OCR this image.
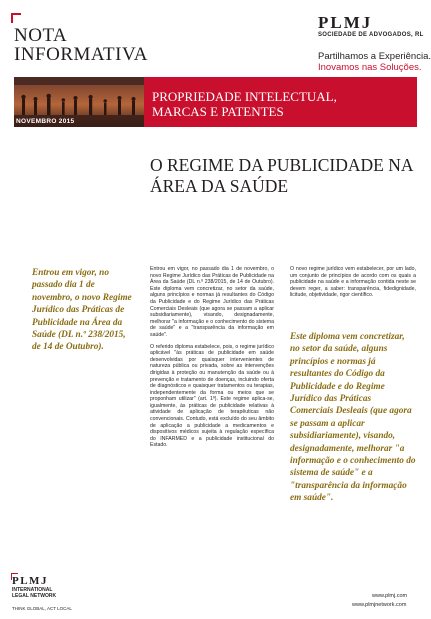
NOTA
INFORMATIVA
PLMJ
SOCIEDADE DE ADVOGADOS, RL
Partilhamos a Experiência.
Inovamos nas Soluções.
NOVEMBRO 2015
PROPRIEDADE INTELECTUAL,
MARCAS E PATENTES
O REGIME DA PUBLICIDADE NA
ÁREA DA SAÚDE
Entrou em vigor, no passado dia 1 de novembro, o novo Regime Jurídico das Práticas de Publicidade na Área da Saúde (DL n.º 238/2015, de 14 de Outubro).

Entrou em vigor, no passado dia 1 de novembro, o novo Regime Jurídico das Práticas de Publicidade na Área da Saúde (DL n.º 238/2015, de 14 de Outubro). Este diploma vem concretizar, no setor da saúde, alguns princípios e normas já resultantes do Código da Publicidade e do Regime Jurídico das Práticas Comerciais Desleais (que agora se passam a aplicar subsidiariamente), visando, designadamente, melhorar "a informação e o conhecimento do sistema de saúde" e a "transparência da informação em saúde".

O referido diploma estabelece, pois, o regime jurídico aplicável "às práticas de publicidade em saúde desenvolvidas por quaisquer intervenientes de natureza pública ou privada, sobre as intervenções dirigidas à proteção ou manutenção da saúde ou à prevenção e tratamento de doenças, incluindo oferta de diagnósticos e quaisquer tratamentos ou terapias, independentemente da forma ou meios que se proponham utilizar" (art. 1º). Este regime aplica-se, igualmente, às práticas de publicidade relativas à atividade de aplicação de terapêuticas não convencionais. Contudo, está excluído do seu âmbito de aplicação a publicidade a medicamentos e dispositivos médicos sujeita à regulação específica do INFARMED e a publicidade institucional do Estado.

O novo regime jurídico vem estabelecer, por um lado, um conjunto de princípios de acordo com os quais a publicidade na saúde e a informação contida neste se devem reger, a saber: transparência, fidedignidade, licitude, objetividade, rigor científico.

Este diploma vem concretizar, no setor da saúde, alguns princípios e normas já resultantes do Código da Publicidade e do Regime Jurídico das Práticas Comerciais Desleais (que agora se passam a aplicar subsidiariamente), visando, designadamente, melhorar "a informação e o conhecimento do sistema de saúde" e a "transparência da informação em saúde".
PLMJ
INTERNATIONAL
LEGAL NETWORK
THINK GLOBAL, ACT LOCAL
www.plmj.com
www.plmjnetwork.com
